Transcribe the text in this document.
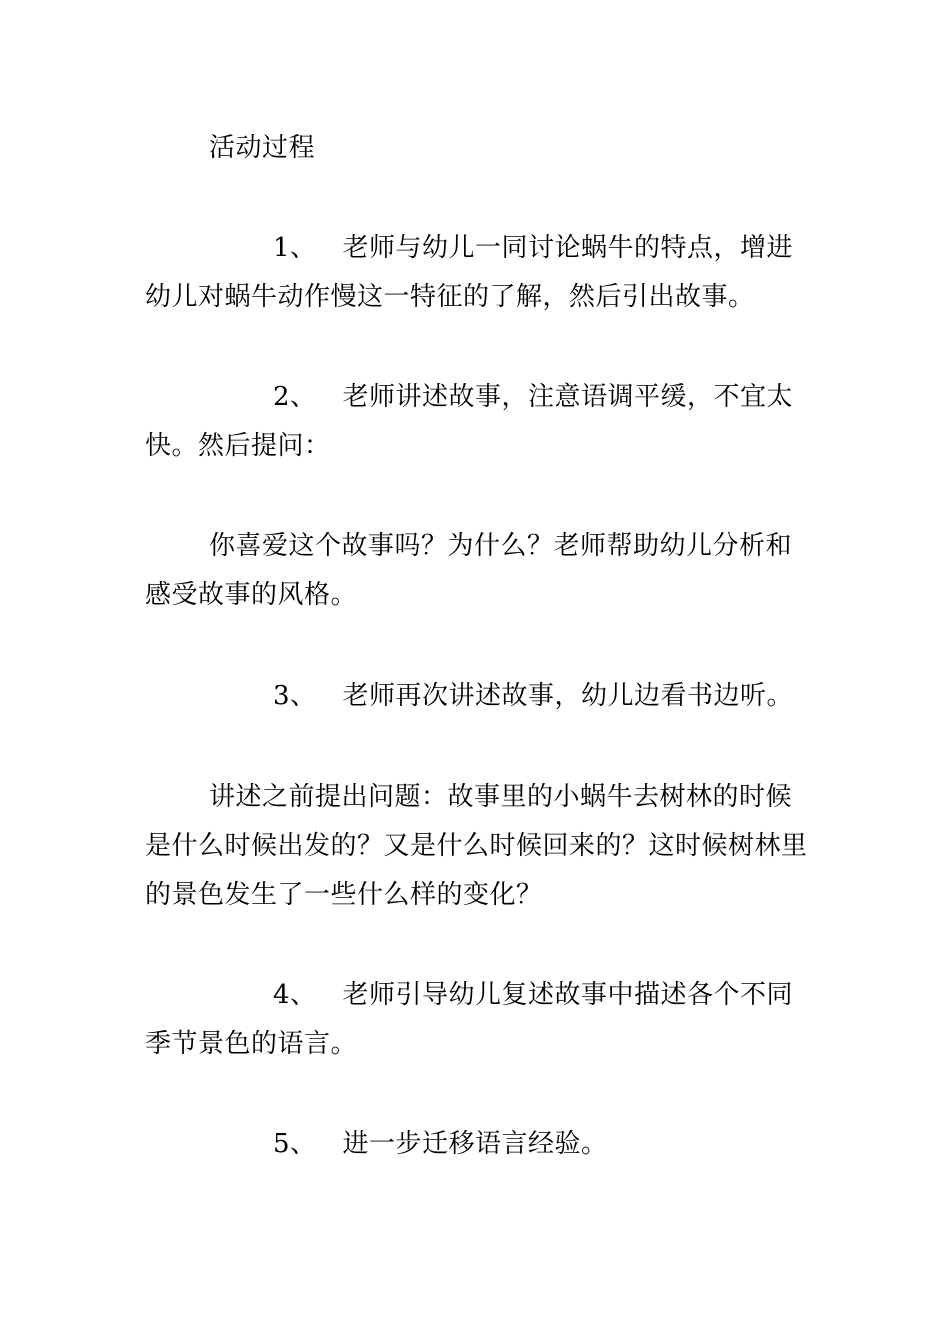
活动过程

1、 老师与幼儿一同讨论蜗牛的特点，增进幼儿对蜗牛动作慢这一特征的了解，然后引出故事。

2、 老师讲述故事，注意语调平缓，不宜太快。然后提问：

你喜爱这个故事吗？为什么？老师帮助幼儿分析和感受故事的风格。

3、 老师再次讲述故事，幼儿边看书边听。

讲述之前提出问题：故事里的小蜗牛去树林的时候是什么时候出发的？又是什么时候回来的？这时候树林里的景色发生了一些什么样的变化？

4、 老师引导幼儿复述故事中描述各个不同季节景色的语言。

5、 进一步迁移语言经验。
